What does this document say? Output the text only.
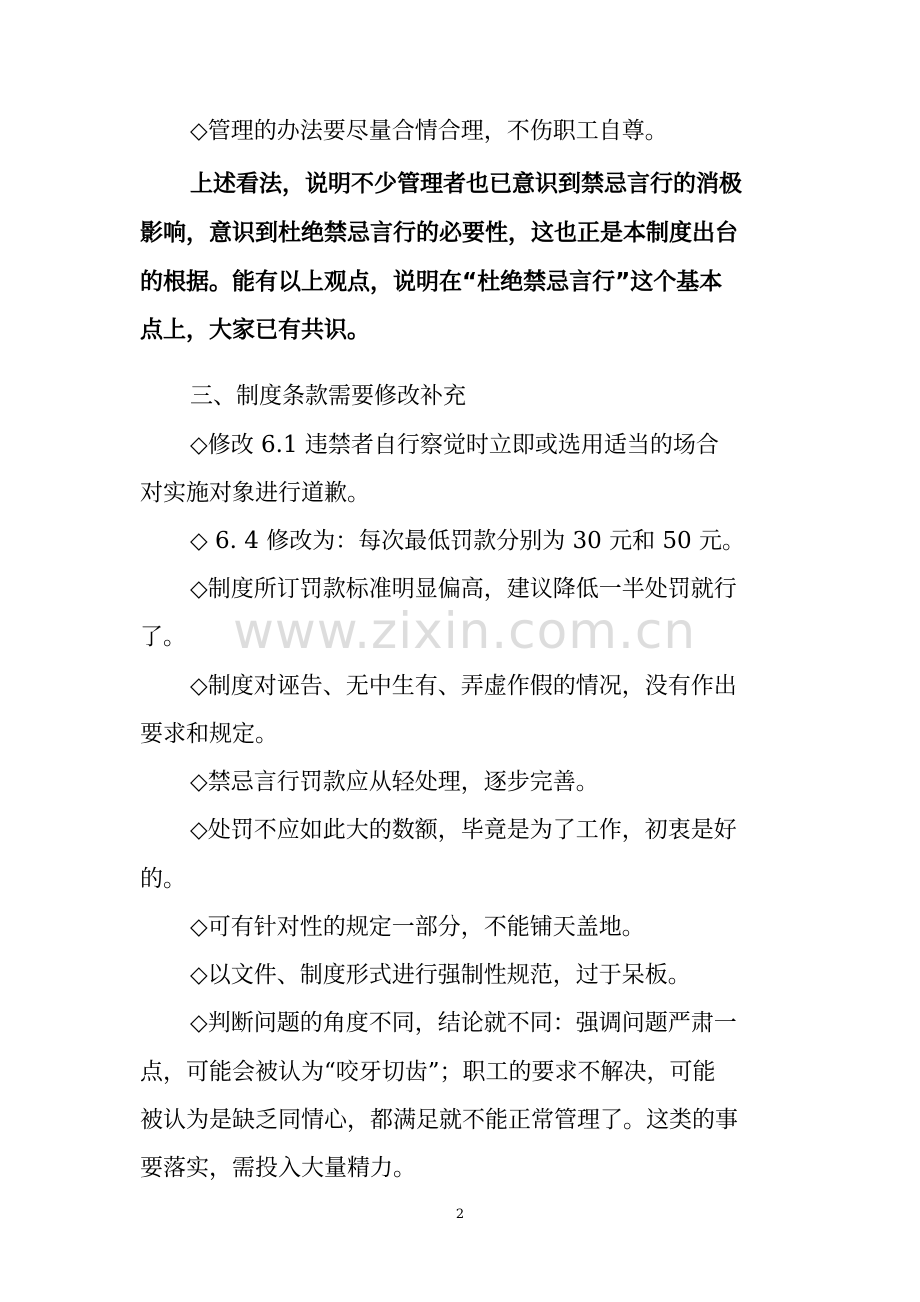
◇管理的办法要尽量合情合理，不伤职工自尊。
上述看法，说明不少管理者也已意识到禁忌言行的消极
影响，意识到杜绝禁忌言行的必要性，这也正是本制度出台
的根据。能有以上观点，说明在“杜绝禁忌言行”这个基本
点上，大家已有共识。
三、制度条款需要修改补充
◇修改 6.1 违禁者自行察觉时立即或选用适当的场合
对实施对象进行道歉。
◇ 6. 4 修改为：每次最低罚款分别为 30 元和 50 元。
◇制度所订罚款标准明显偏高，建议降低一半处罚就行
了。
◇制度对诬告、无中生有、弄虚作假的情况，没有作出
要求和规定。
◇禁忌言行罚款应从轻处理，逐步完善。
◇处罚不应如此大的数额，毕竟是为了工作，初衷是好
的。
◇可有针对性的规定一部分，不能铺天盖地。
◇以文件、制度形式进行强制性规范，过于呆板。
◇判断问题的角度不同，结论就不同：强调问题严肃一
点，可能会被认为“咬牙切齿”；职工的要求不解决，可能
被认为是缺乏同情心，都满足就不能正常管理了。这类的事
要落实，需投入大量精力。
www.zixin.com.cn
2
